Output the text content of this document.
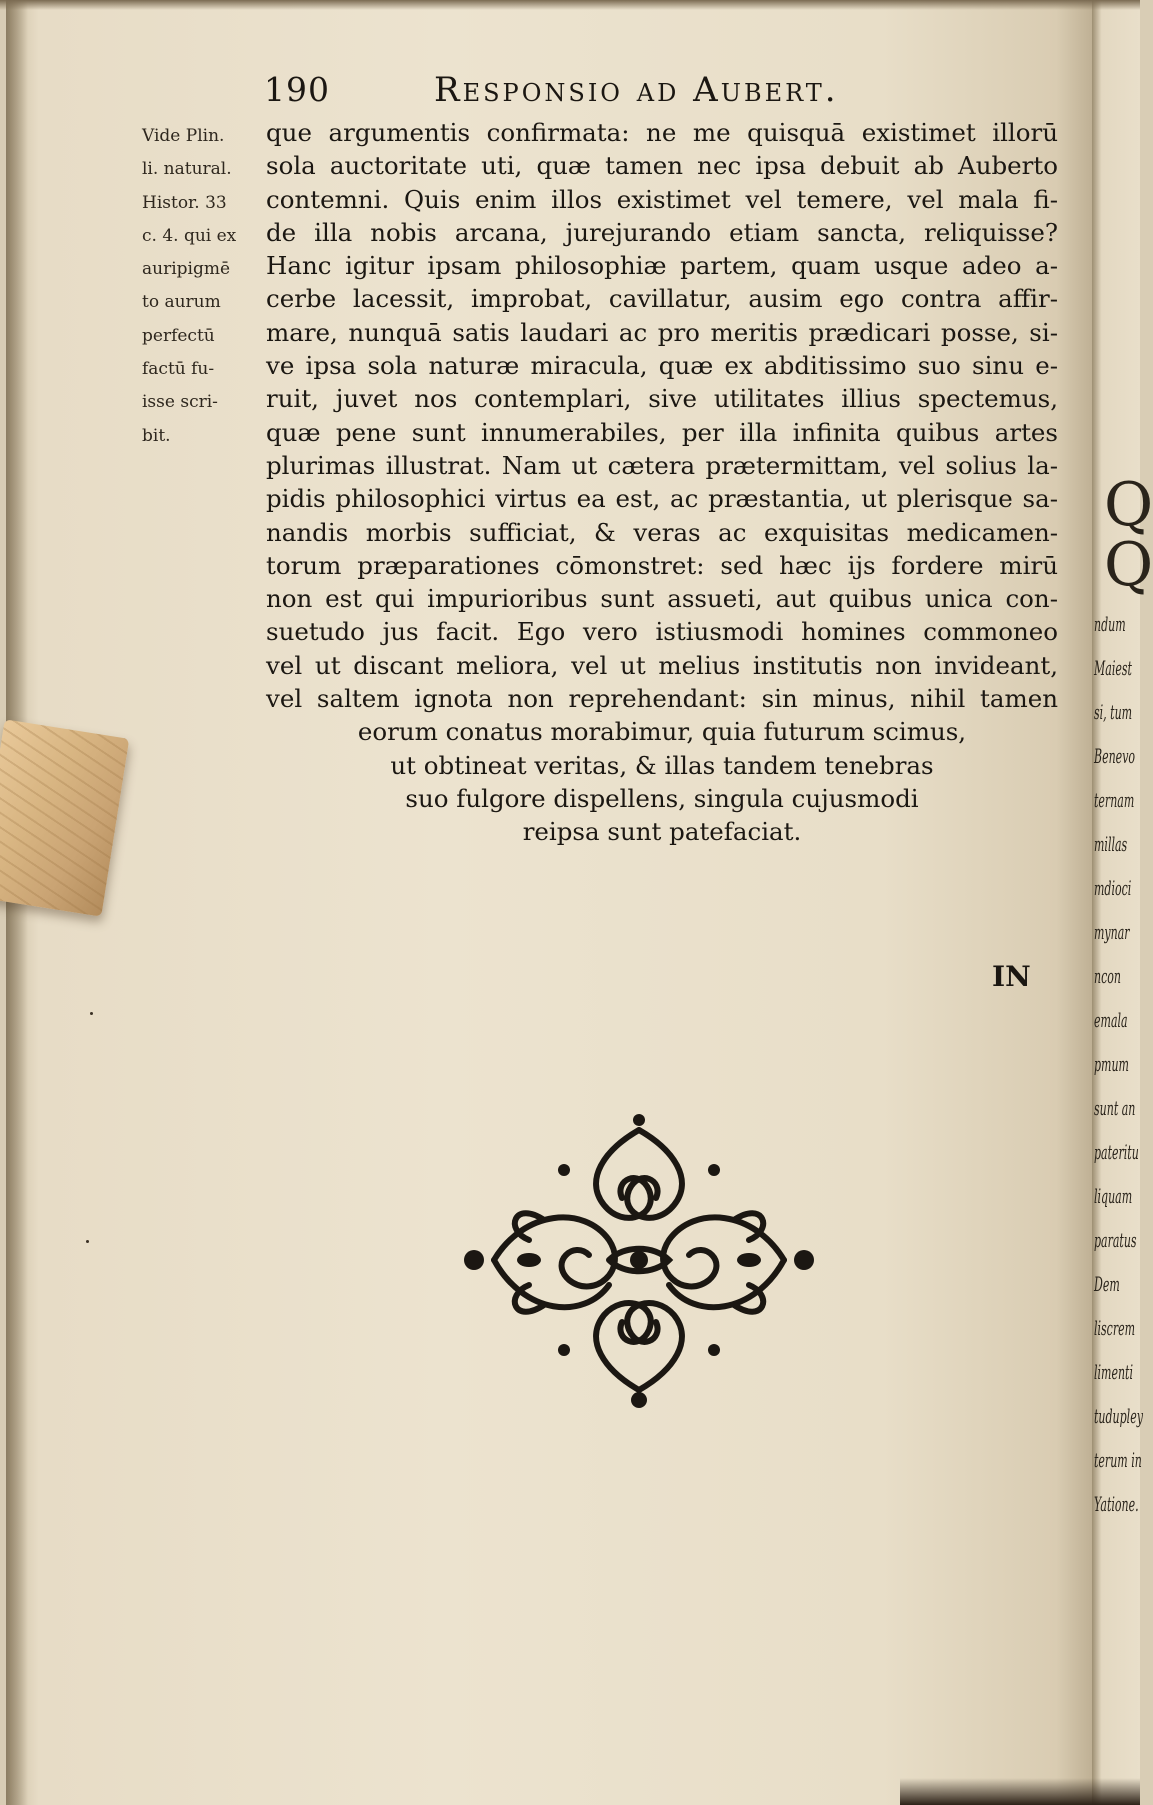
190	Responsio ad Aubert.
Vide Plin.
li. natural.
Histor. 33
c. 4. qui ex
auripigmē
to aurum
perfectū
factū fu-
isse scri-
bit.
que argumentis confirmata: ne me quisquā existimet illorū
sola auctoritate uti, quæ tamen nec ipsa debuit ab Auberto
contemni. Quis enim illos existimet vel temere, vel mala fi-
de illa nobis arcana, jurejurando etiam sancta, reliquisse?
Hanc igitur ipsam philosophiæ partem, quam usque adeo a-
cerbe lacessit, improbat, cavillatur, ausim ego contra affir-
mare, nunquā satis laudari ac pro meritis prædicari posse, si-
ve ipsa sola naturæ miracula, quæ ex abditissimo suo sinu e-
ruit, juvet nos contemplari, sive utilitates illius spectemus,
quæ pene sunt innumerabiles, per illa infinita quibus artes
plurimas illustrat. Nam ut cætera prætermittam, vel solius la-
pidis philosophici virtus ea est, ac præstantia, ut plerisque sa-
nandis morbis sufficiat, & veras ac exquisitas medicamen-
torum præparationes cōmonstret: sed hæc ijs fordere mirū
non est qui impurioribus sunt assueti, aut quibus unica con-
suetudo jus facit. Ego vero istiusmodi homines commoneo
vel ut discant meliora, vel ut melius institutis non invideant,
vel saltem ignota non reprehendant: sin minus, nihil tamen
eorum conatus morabimur, quia futurum scimus,
ut obtineat veritas, & illas tandem tenebras
suo fulgore dispellens, singula cujusmodi
reipsa sunt patefaciat.
IN
Q
Q
ndum
Maiest
si, tum
Benevo
ternam
millas
mdioci
mynar
ncon
emala
pmum
sunt an
pateritu
liquam
paratus
Dem
liscrem
limenti
tudupley
terum in
Yatione.
